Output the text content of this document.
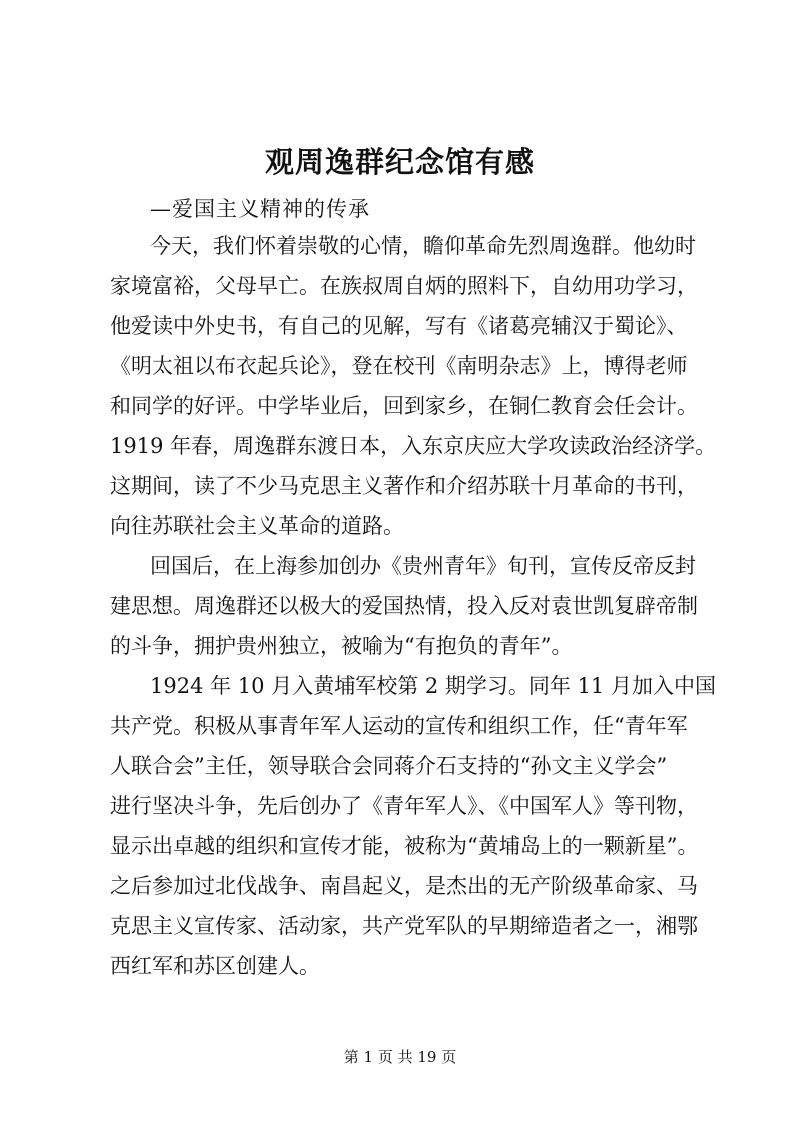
观周逸群纪念馆有感
—爱国主义精神的传承
今天，我们怀着崇敬的心情，瞻仰革命先烈周逸群。他幼时
家境富裕，父母早亡。在族叔周自炳的照料下，自幼用功学习，
他爱读中外史书，有自己的见解，写有《诸葛亮辅汉于蜀论》、
《明太祖以布衣起兵论》，登在校刊《南明杂志》上，博得老师
和同学的好评。中学毕业后，回到家乡，在铜仁教育会任会计。
1919 年春，周逸群东渡日本，入东京庆应大学攻读政治经济学。
这期间，读了不少马克思主义著作和介绍苏联十月革命的书刊，
向往苏联社会主义革命的道路。
回国后，在上海参加创办《贵州青年》旬刊，宣传反帝反封
建思想。周逸群还以极大的爱国热情，投入反对袁世凯复辟帝制
的斗争，拥护贵州独立，被喻为“有抱负的青年”。
1924 年 10 月入黄埔军校第 2 期学习。同年 11 月加入中国
共产党。积极从事青年军人运动的宣传和组织工作，任“青年军
人联合会”主任，领导联合会同蒋介石支持的“孙文主义学会”
进行坚决斗争，先后创办了《青年军人》、《中国军人》等刊物，
显示出卓越的组织和宣传才能，被称为“黄埔岛上的一颗新星”。
之后参加过北伐战争、南昌起义，是杰出的无产阶级革命家、马
克思主义宣传家、活动家，共产党军队的早期缔造者之一，湘鄂
西红军和苏区创建人。
第 1 页 共 19 页
